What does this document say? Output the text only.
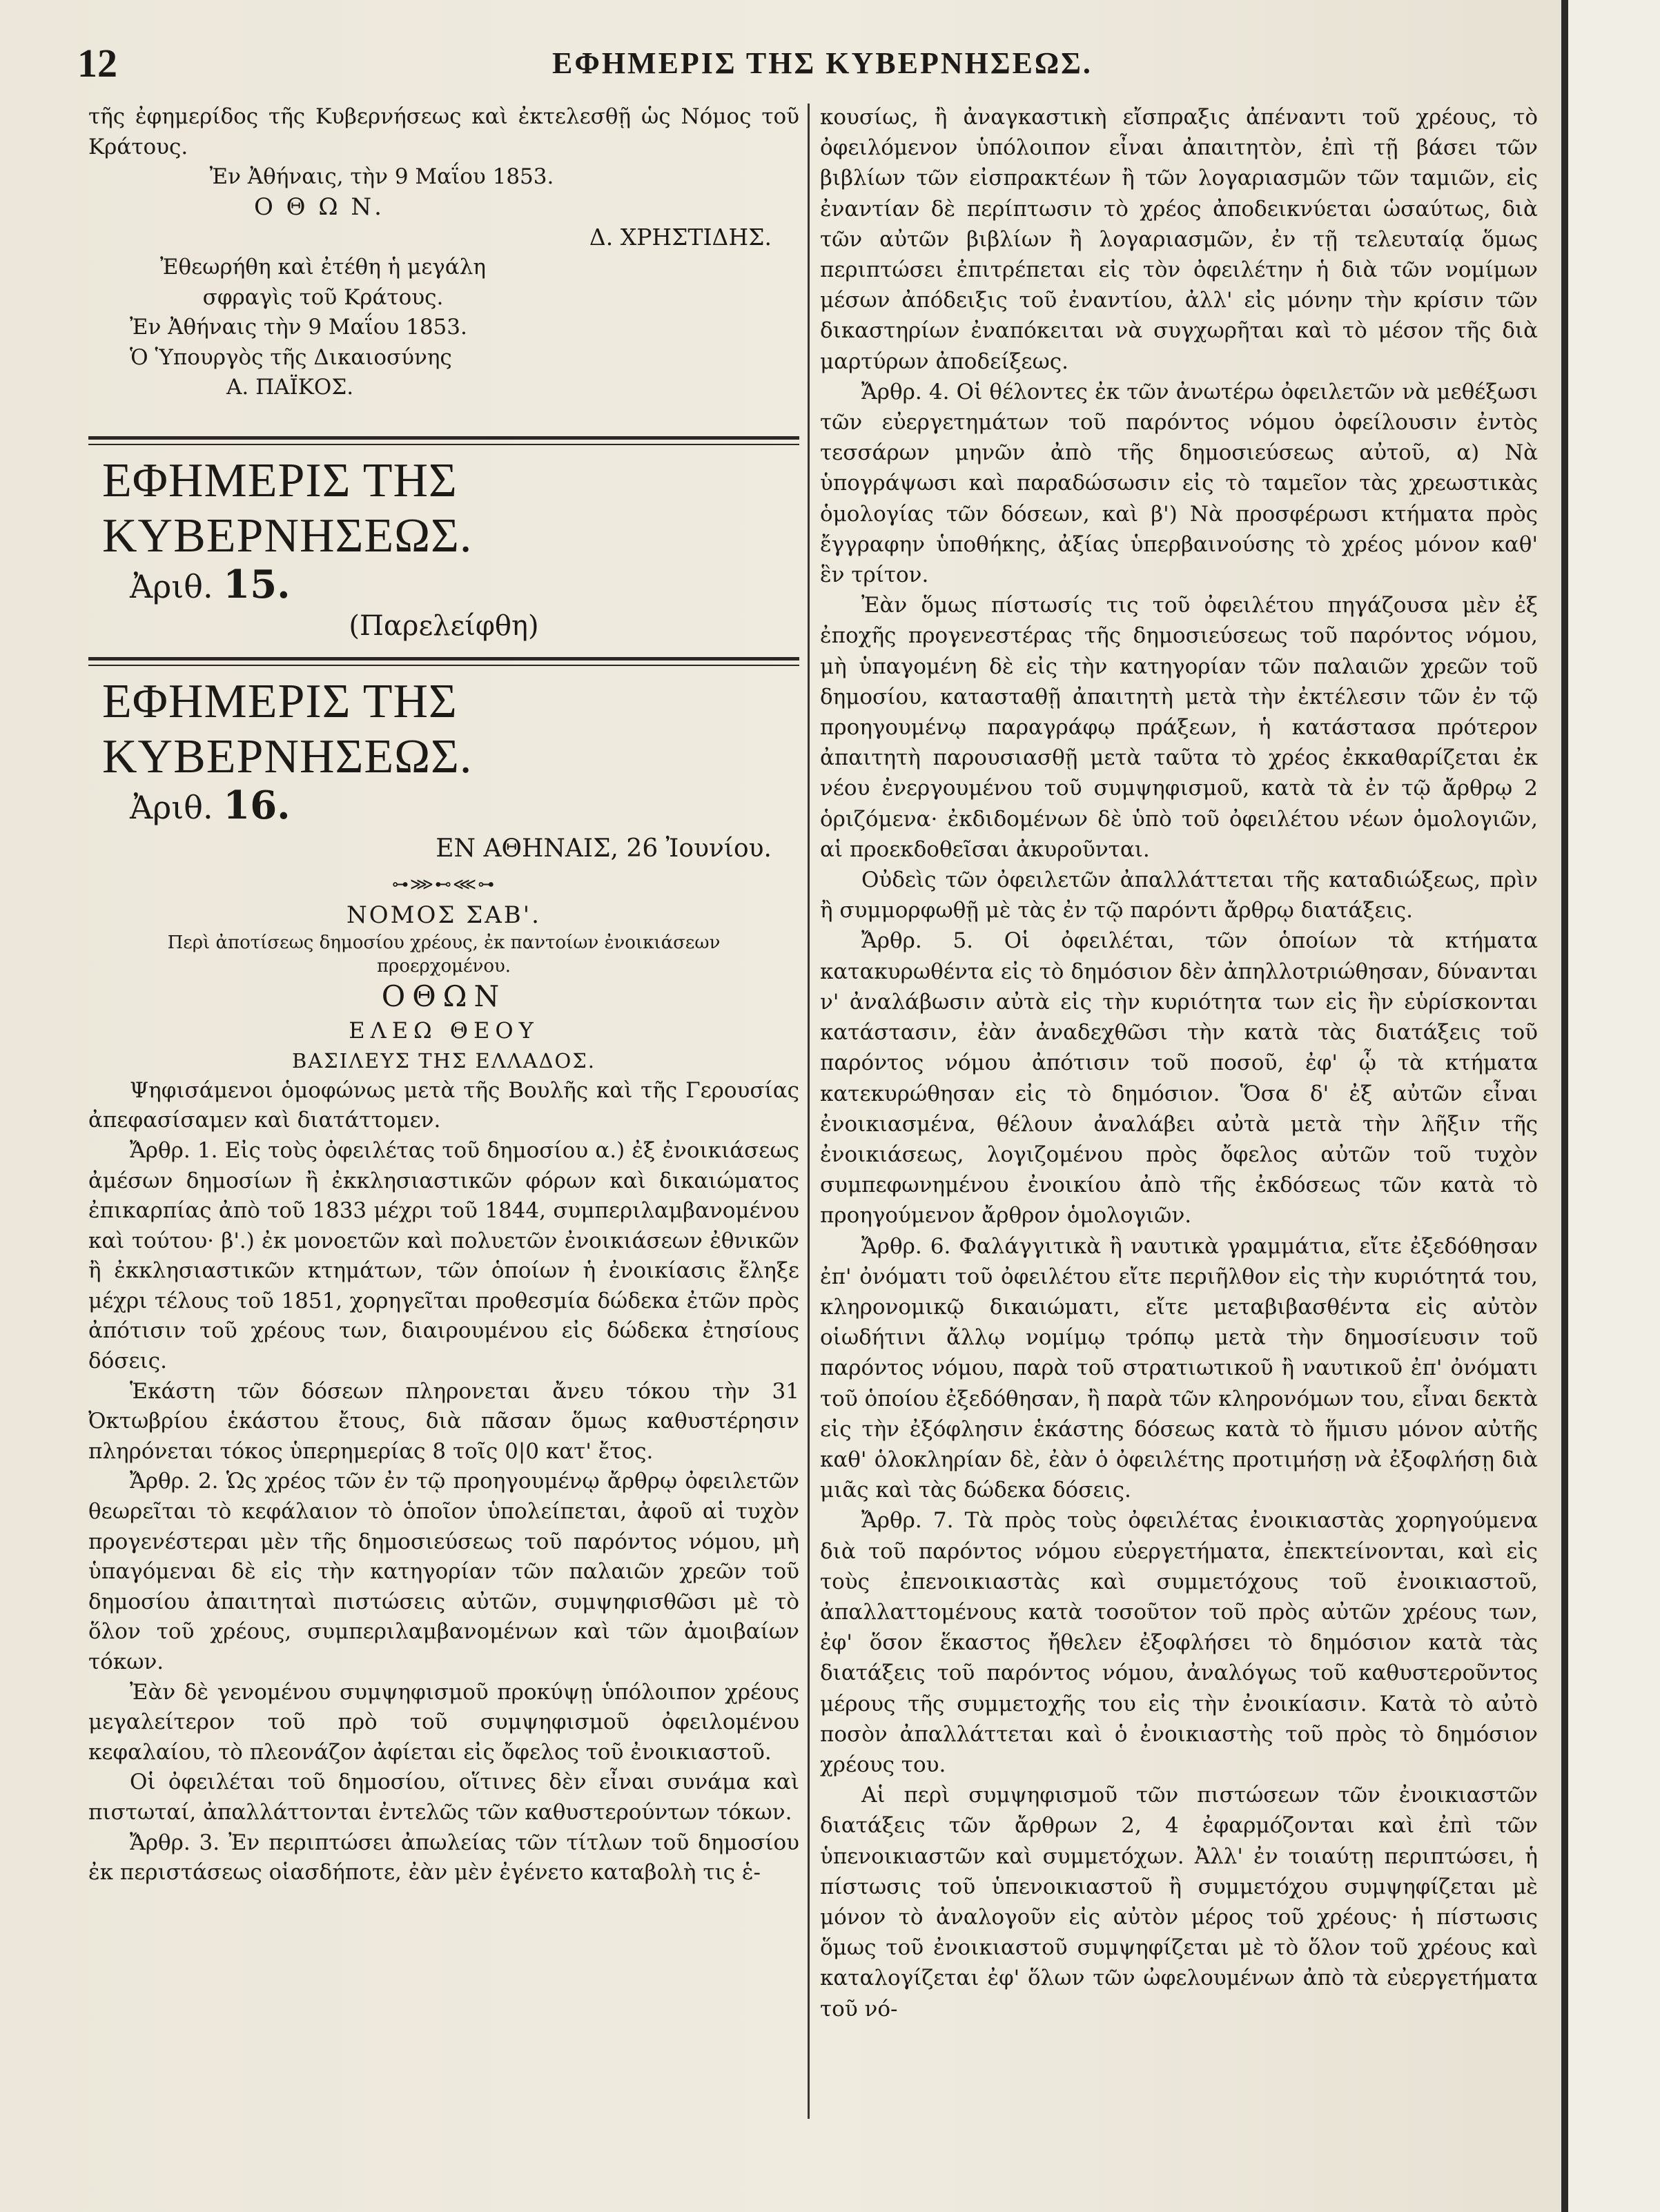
12	ΕΦΗΜΕΡΙΣ ΤΗΣ ΚΥΒΕΡΝΗΣΕΩΣ.

τῆς ἐφημερίδος τῆς Κυβερνήσεως καὶ ἐκτελεσθῇ ὡς Νόμος τοῦ Κράτους.

Ἐν Ἀθήναις, τὴν 9 Μαΐου 1853.

Ο Θ Ω Ν.

Δ. ΧΡΗΣΤΙΔΗΣ.

Ἐθεωρήθη καὶ ἐτέθη ἡ μεγάλη σφραγὶς τοῦ Κράτους.

Ἐν Ἀθήναις τὴν 9 Μαΐου 1853.

Ὁ Ὑπουργὸς τῆς Δικαιοσύνης

Α. ΠΑΪΚΟΣ.

ΕΦΗΜΕΡΙΣ ΤΗΣ ΚΥΒΕΡΝΗΣΕΩΣ.
Ἀριθ. 15.
(Παρελείφθη)
ΕΦΗΜΕΡΙΣ ΤΗΣ ΚΥΒΕΡΝΗΣΕΩΣ.
Ἀριθ. 16.
ΕΝ ΑΘΗΝΑΙΣ, 26 Ἰουνίου.
⊶⋙⊷⋘⊶
ΝΟΜΟΣ ΣΑΒ'.
Περὶ ἀποτίσεως δημοσίου χρέους, ἐκ παντοίων ἐνοικιάσεων προερχομένου.
ΟΘΩΝ
ΕΛΕΩ ΘΕΟΥ
ΒΑΣΙΛΕΥΣ ΤΗΣ ΕΛΛΑΔΟΣ.

Ψηφισάμενοι ὁμοφώνως μετὰ τῆς Βουλῆς καὶ τῆς Γερουσίας ἀπεφασίσαμεν καὶ διατάττομεν.

Ἄρθρ. 1. Εἰς τοὺς ὀφειλέτας τοῦ δημοσίου α.) ἐξ ἐνοικιάσεως ἀμέσων δημοσίων ἢ ἐκκλησιαστικῶν φόρων καὶ δικαιώματος ἐπικαρπίας ἀπὸ τοῦ 1833 μέχρι τοῦ 1844, συμπεριλαμβανομένου καὶ τούτου· β'.) ἐκ μονοετῶν καὶ πολυετῶν ἐνοικιάσεων ἐθνικῶν ἢ ἐκκλησιαστικῶν κτημάτων, τῶν ὁποίων ἡ ἐνοικίασις ἔληξε μέχρι τέλους τοῦ 1851, χορηγεῖται προθεσμία δώδεκα ἐτῶν πρὸς ἀπότισιν τοῦ χρέους των, διαιρουμένου εἰς δώδεκα ἐτησίους δόσεις.

Ἑκάστη τῶν δόσεων πληρονεται ἄνευ τόκου τὴν 31 Ὀκτωβρίου ἑκάστου ἔτους, διὰ πᾶσαν ὅμως καθυστέρησιν πληρόνεται τόκος ὑπερημερίας 8 τοῖς 0|0 κατ' ἔτος.

Ἄρθρ. 2. Ὡς χρέος τῶν ἐν τῷ προηγουμένῳ ἄρθρῳ ὀφειλετῶν θεωρεῖται τὸ κεφάλαιον τὸ ὁποῖον ὑπολείπεται, ἀφοῦ αἱ τυχὸν προγενέστεραι μὲν τῆς δημοσιεύσεως τοῦ παρόντος νόμου, μὴ ὑπαγόμεναι δὲ εἰς τὴν κατηγορίαν τῶν παλαιῶν χρεῶν τοῦ δημοσίου ἀπαιτηταὶ πιστώσεις αὐτῶν, συμψηφισθῶσι μὲ τὸ ὅλον τοῦ χρέους, συμπεριλαμβανομένων καὶ τῶν ἀμοιβαίων τόκων.

Ἐὰν δὲ γενομένου συμψηφισμοῦ προκύψῃ ὑπόλοιπον χρέους μεγαλείτερον τοῦ πρὸ τοῦ συμψηφισμοῦ ὀφειλομένου κεφαλαίου, τὸ πλεονάζον ἀφίεται εἰς ὄφελος τοῦ ἐνοικιαστοῦ.

Οἱ ὀφειλέται τοῦ δημοσίου, οἵτινες δὲν εἶναι συνάμα καὶ πιστωταί, ἀπαλλάττονται ἐντελῶς τῶν καθυστερούντων τόκων.

Ἄρθρ. 3. Ἐν περιπτώσει ἀπωλείας τῶν τίτλων τοῦ δημοσίου ἐκ περιστάσεως οἱασδήποτε, ἐὰν μὲν ἐγένετο καταβολὴ τις ἑ-

κουσίως, ἢ ἀναγκαστικὴ εἴσπραξις ἀπέναντι τοῦ χρέους, τὸ ὀφειλόμενον ὑπόλοιπον εἶναι ἀπαιτητὸν, ἐπὶ τῇ βάσει τῶν βιβλίων τῶν εἰσπρακτέων ἢ τῶν λογαριασμῶν τῶν ταμιῶν, εἰς ἐναντίαν δὲ περίπτωσιν τὸ χρέος ἀποδεικνύεται ὡσαύτως, διὰ τῶν αὐτῶν βιβλίων ἢ λογαριασμῶν, ἐν τῇ τελευταίᾳ ὅμως περιπτώσει ἐπιτρέπεται εἰς τὸν ὀφειλέτην ἡ διὰ τῶν νομίμων μέσων ἀπόδειξις τοῦ ἐναντίου, ἀλλ' εἰς μόνην τὴν κρίσιν τῶν δικαστηρίων ἐναπόκειται νὰ συγχωρῆται καὶ τὸ μέσον τῆς διὰ μαρτύρων ἀποδείξεως.

Ἄρθρ. 4. Οἱ θέλοντες ἐκ τῶν ἀνωτέρω ὀφειλετῶν νὰ μεθέξωσι τῶν εὐεργετημάτων τοῦ παρόντος νόμου ὀφείλουσιν ἐντὸς τεσσάρων μηνῶν ἀπὸ τῆς δημοσιεύσεως αὐτοῦ, α) Νὰ ὑπογράψωσι καὶ παραδώσωσιν εἰς τὸ ταμεῖον τὰς χρεωστικὰς ὁμολογίας τῶν δόσεων, καὶ β') Νὰ προσφέρωσι κτήματα πρὸς ἔγγραφην ὑποθήκης, ἀξίας ὑπερβαινούσης τὸ χρέος μόνον καθ' ἓν τρίτον.

Ἐὰν ὅμως πίστωσίς τις τοῦ ὀφειλέτου πηγάζουσα μὲν ἐξ ἐποχῆς προγενεστέρας τῆς δημοσιεύσεως τοῦ παρόντος νόμου, μὴ ὑπαγομένη δὲ εἰς τὴν κατηγορίαν τῶν παλαιῶν χρεῶν τοῦ δημοσίου, κατασταθῇ ἀπαιτητὴ μετὰ τὴν ἐκτέλεσιν τῶν ἐν τῷ προηγουμένῳ παραγράφῳ πράξεων, ἡ κατάστασα πρότερον ἀπαιτητὴ παρουσιασθῇ μετὰ ταῦτα τὸ χρέος ἐκκαθαρίζεται ἐκ νέου ἐνεργουμένου τοῦ συμψηφισμοῦ, κατὰ τὰ ἐν τῷ ἄρθρῳ 2 ὁριζόμενα· ἐκδιδομένων δὲ ὑπὸ τοῦ ὀφειλέτου νέων ὁμολογιῶν, αἱ προεκδοθεῖσαι ἀκυροῦνται.

Οὐδεὶς τῶν ὀφειλετῶν ἀπαλλάττεται τῆς καταδιώξεως, πρὶν ἢ συμμορφωθῇ μὲ τὰς ἐν τῷ παρόντι ἄρθρῳ διατάξεις.

Ἄρθρ. 5. Οἱ ὀφειλέται, τῶν ὁποίων τὰ κτήματα κατακυρωθέντα εἰς τὸ δημόσιον δὲν ἀπηλλοτριώθησαν, δύνανται ν' ἀναλάβωσιν αὐτὰ εἰς τὴν κυριότητα των εἰς ἣν εὑρίσκονται κατάστασιν, ἐὰν ἀναδεχθῶσι τὴν κατὰ τὰς διατάξεις τοῦ παρόντος νόμου ἀπότισιν τοῦ ποσοῦ, ἐφ' ᾧ τὰ κτήματα κατεκυρώθησαν εἰς τὸ δημόσιον. Ὅσα δ' ἐξ αὐτῶν εἶναι ἐνοικιασμένα, θέλουν ἀναλάβει αὐτὰ μετὰ τὴν λῆξιν τῆς ἐνοικιάσεως, λογιζομένου πρὸς ὄφελος αὐτῶν τοῦ τυχὸν συμπεφωνημένου ἐνοικίου ἀπὸ τῆς ἐκδόσεως τῶν κατὰ τὸ προηγούμενον ἄρθρον ὁμολογιῶν.

Ἄρθρ. 6. Φαλάγγιτικὰ ἢ ναυτικὰ γραμμάτια, εἴτε ἐξεδόθησαν ἐπ' ὀνόματι τοῦ ὀφειλέτου εἴτε περιῆλθον εἰς τὴν κυριότητά του, κληρονομικῷ δικαιώματι, εἴτε μεταβιβασθέντα εἰς αὐτὸν οἱωδήτινι ἄλλῳ νομίμῳ τρόπῳ μετὰ τὴν δημοσίευσιν τοῦ παρόντος νόμου, παρὰ τοῦ στρατιωτικοῦ ἢ ναυτικοῦ ἐπ' ὀνόματι τοῦ ὁποίου ἐξεδόθησαν, ἢ παρὰ τῶν κληρονόμων του, εἶναι δεκτὰ εἰς τὴν ἐξόφλησιν ἑκάστης δόσεως κατὰ τὸ ἥμισυ μόνον αὐτῆς καθ' ὁλοκληρίαν δὲ, ἐὰν ὁ ὀφειλέτης προτιμήσῃ νὰ ἐξοφλήσῃ διὰ μιᾶς καὶ τὰς δώδεκα δόσεις.

Ἄρθρ. 7. Τὰ πρὸς τοὺς ὀφειλέτας ἐνοικιαστὰς χορηγούμενα διὰ τοῦ παρόντος νόμου εὐεργετήματα, ἐπεκτείνονται, καὶ εἰς τοὺς ἐπενοικιαστὰς καὶ συμμετόχους τοῦ ἐνοικιαστοῦ, ἀπαλλαττομένους κατὰ τοσοῦτον τοῦ πρὸς αὐτῶν χρέους των, ἐφ' ὅσον ἕκαστος ἤθελεν ἐξοφλήσει τὸ δημόσιον κατὰ τὰς διατάξεις τοῦ παρόντος νόμου, ἀναλόγως τοῦ καθυστεροῦντος μέρους τῆς συμμετοχῆς του εἰς τὴν ἐνοικίασιν. Κατὰ τὸ αὐτὸ ποσὸν ἀπαλλάττεται καὶ ὁ ἐνοικιαστὴς τοῦ πρὸς τὸ δημόσιον χρέους του.

Αἱ περὶ συμψηφισμοῦ τῶν πιστώσεων τῶν ἐνοικιαστῶν διατάξεις τῶν ἄρθρων 2, 4 ἐφαρμόζονται καὶ ἐπὶ τῶν ὑπενοικιαστῶν καὶ συμμετόχων. Ἀλλ' ἐν τοιαύτῃ περιπτώσει, ἡ πίστωσις τοῦ ὑπενοικιαστοῦ ἢ συμμετόχου συμψηφίζεται μὲ μόνον τὸ ἀναλογοῦν εἰς αὐτὸν μέρος τοῦ χρέους· ἡ πίστωσις ὅμως τοῦ ἐνοικιαστοῦ συμψηφίζεται μὲ τὸ ὅλον τοῦ χρέους καὶ καταλογίζεται ἐφ' ὅλων τῶν ὠφελουμένων ἀπὸ τὰ εὐεργετήματα τοῦ νό-
